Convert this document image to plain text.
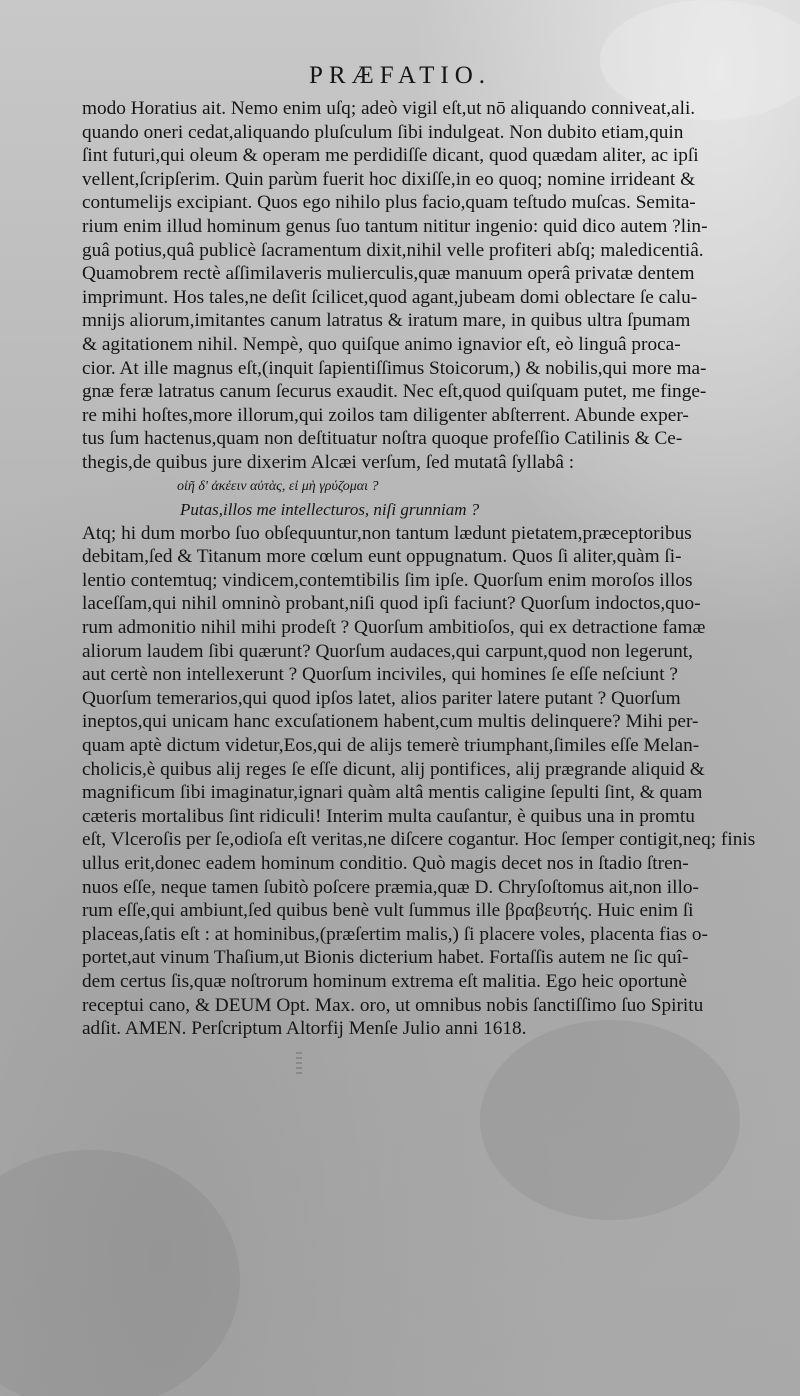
PRÆFATIO.
modo Horatius ait. Nemo enim uſq; adeò vigil eſt,ut nō aliquando conniveat,ali.
quando oneri cedat,aliquando pluſculum ſibi indulgeat. Non dubito etiam,quin
ſint futuri,qui oleum & operam me perdidiſſe dicant, quod quædam aliter, ac ipſi
vellent,ſcripſerim. Quin parùm fuerit hoc dixiſſe,in eo quoq; nomine irrideant &
contumelijs excipiant. Quos ego nihilo plus facio,quam teſtudo muſcas. Semita-
rium enim illud hominum genus ſuo tantum nititur ingenio: quid dico autem ?lin-
guâ potius,quâ publicè ſacramentum dixit,nihil velle profiteri abſq; maledicentiâ.
Quamobrem rectè aſſimilaveris mulierculis,quæ manuum operâ privatæ dentem
imprimunt. Hos tales,ne deſit ſcilicet,quod agant,jubeam domi oblectare ſe calu-
mnijs aliorum,imitantes canum latratus & iratum mare, in quibus ultra ſpumam
& agitationem nihil. Nempè, quo quiſque animo ignavior eſt, eò linguâ proca-
cior. At ille magnus eſt,(inquit ſapientiſſimus Stoicorum,) & nobilis,qui more ma-
gnæ feræ latratus canum ſecurus exaudit. Nec eſt,quod quiſquam putet, me finge-
re mihi hoſtes,more illorum,qui zoilos tam diligenter abſterrent. Abunde exper-
tus ſum hactenus,quam non deſtituatur noſtra quoque profeſſio Catilinis & Ce-
thegis,de quibus jure dixerim Alcæi verſum, ſed mutatâ ſyllabâ :
οἰῆ δ' ἀκέειν αὐτὰς, εἰ μὴ γρύζομαι ?
Putas,illos me intellecturos, niſi grunniam ?
Atq; hi dum morbo ſuo obſequuntur,non tantum lædunt pietatem,præceptoribus
debitam,ſed & Titanum more cœlum eunt oppugnatum. Quos ſi aliter,quàm ſi-
lentio contemtuq; vindicem,contemtibilis ſim ipſe. Quorſum enim moroſos illos
laceſſam,qui nihil omninò probant,niſi quod ipſi faciunt? Quorſum indoctos,quo-
rum admonitio nihil mihi prodeſt ? Quorſum ambitioſos, qui ex detractione famæ
aliorum laudem ſibi quærunt? Quorſum audaces,qui carpunt,quod non legerunt,
aut certè non intellexerunt ? Quorſum inciviles, qui homines ſe eſſe neſciunt ?
Quorſum temerarios,qui quod ipſos latet, alios pariter latere putant ? Quorſum
ineptos,qui unicam hanc excuſationem habent,cum multis delinquere? Mihi per-
quam aptè dictum videtur,Eos,qui de alijs temerè triumphant,ſimiles eſſe Melan-
cholicis,è quibus alij reges ſe eſſe dicunt, alij pontifices, alij prægrande aliquid &
magnificum ſibi imaginatur,ignari quàm altâ mentis caligine ſepulti ſint, & quam
cæteris mortalibus ſint ridiculi! Interim multa cauſantur, è quibus una in promtu
eſt, Vlceroſis per ſe,odioſa eſt veritas,ne diſcere cogantur. Hoc ſemper contigit,neq; finis
ullus erit,donec eadem hominum conditio. Quò magis decet nos in ſtadio ſtren-
nuos eſſe, neque tamen ſubitò poſcere præmia,quæ D. Chryſoſtomus ait,non illo-
rum eſſe,qui ambiunt,ſed quibus benè vult ſummus ille βραβευτής. Huic enim ſi
placeas,ſatis eſt : at hominibus,(præſertim malis,) ſi placere voles, placenta fias o-
portet,aut vinum Thaſium,ut Bionis dicterium habet. Fortaſſis autem ne ſic quî-
dem certus ſis,quæ noſtrorum hominum extrema eſt malitia. Ego heic oportunè
receptui cano, & DEUM Opt. Max. oro, ut omnibus nobis ſanctiſſimo ſuo Spiritu
adſit. AMEN. Perſcriptum Altorfij Menſe Julio anni 1618.
